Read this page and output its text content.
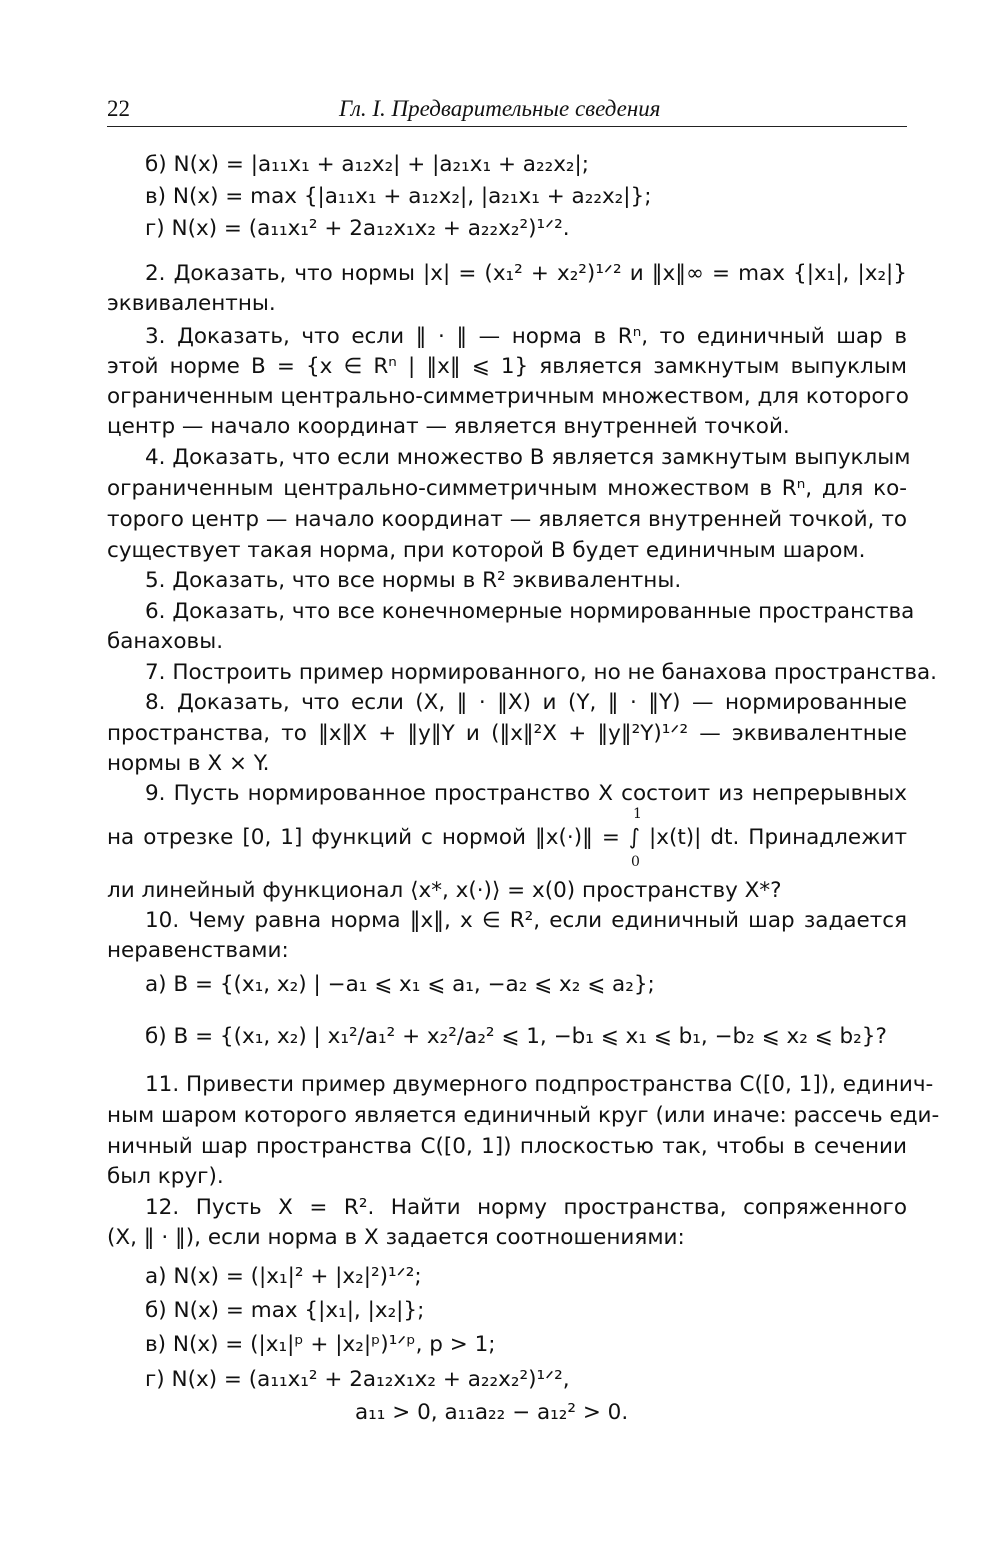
22	Гл. I. Предварительные сведения
б) N(x) = |a₁₁x₁ + a₁₂x₂| + |a₂₁x₁ + a₂₂x₂|;
в) N(x) = max {|a₁₁x₁ + a₁₂x₂|, |a₂₁x₁ + a₂₂x₂|};
г) N(x) = (a₁₁x₁² + 2a₁₂x₁x₂ + a₂₂x₂²)¹ᐟ².
2. Доказать, что нормы |x| = (x₁² + x₂²)¹ᐟ² и ‖x‖∞ = max {|x₁|, |x₂|}
эквивалентны.
3. Доказать, что если ‖ · ‖ — норма в Rⁿ, то единичный шар в
этой норме B = {x ∈ Rⁿ | ‖x‖ ⩽ 1} является замкнутым выпуклым
ограниченным центрально-симметричным множеством, для которого
центр — начало координат — является внутренней точкой.
4. Доказать, что если множество B является замкнутым выпуклым
ограниченным центрально-симметричным множеством в Rⁿ, для ко-
торого центр — начало координат — является внутренней точкой, то
существует такая норма, при которой B будет единичным шаром.
5. Доказать, что все нормы в R² эквивалентны.
6. Доказать, что все конечномерные нормированные пространства
банаховы.
7. Построить пример нормированного, но не банахова пространства.
8. Доказать, что если (X, ‖ · ‖X) и (Y, ‖ · ‖Y) — нормированные
пространства, то ‖x‖X + ‖y‖Y и (‖x‖²X + ‖y‖²Y)¹ᐟ² — эквивалентные
нормы в X × Y.
9. Пусть нормированное пространство X состоит из непрерывных
1
на отрезке [0, 1] функций с нормой ‖x(·)‖ = ∫ |x(t)| dt. Принадлежит
0
ли линейный функционал ⟨x*, x(·)⟩ = x(0) пространству X*?
10. Чему равна норма ‖x‖, x ∈ R², если единичный шар задается
неравенствами:
а) B = {(x₁, x₂) | −a₁ ⩽ x₁ ⩽ a₁, −a₂ ⩽ x₂ ⩽ a₂};
б) B = {(x₁, x₂) | x₁²/a₁² + x₂²/a₂² ⩽ 1, −b₁ ⩽ x₁ ⩽ b₁, −b₂ ⩽ x₂ ⩽ b₂}?
11. Привести пример двумерного подпространства C([0, 1]), единич-
ным шаром которого является единичный круг (или иначе: рассечь еди-
ничный шар пространства C([0, 1]) плоскостью так, чтобы в сечении
был круг).
12. Пусть X = R². Найти норму пространства, сопряженного
(X, ‖ · ‖), если норма в X задается соотношениями:
а) N(x) = (|x₁|² + |x₂|²)¹ᐟ²;
б) N(x) = max {|x₁|, |x₂|};
в) N(x) = (|x₁|ᵖ + |x₂|ᵖ)¹ᐟᵖ, p > 1;
г) N(x) = (a₁₁x₁² + 2a₁₂x₁x₂ + a₂₂x₂²)¹ᐟ²,
a₁₁ > 0, a₁₁a₂₂ − a₁₂² > 0.
